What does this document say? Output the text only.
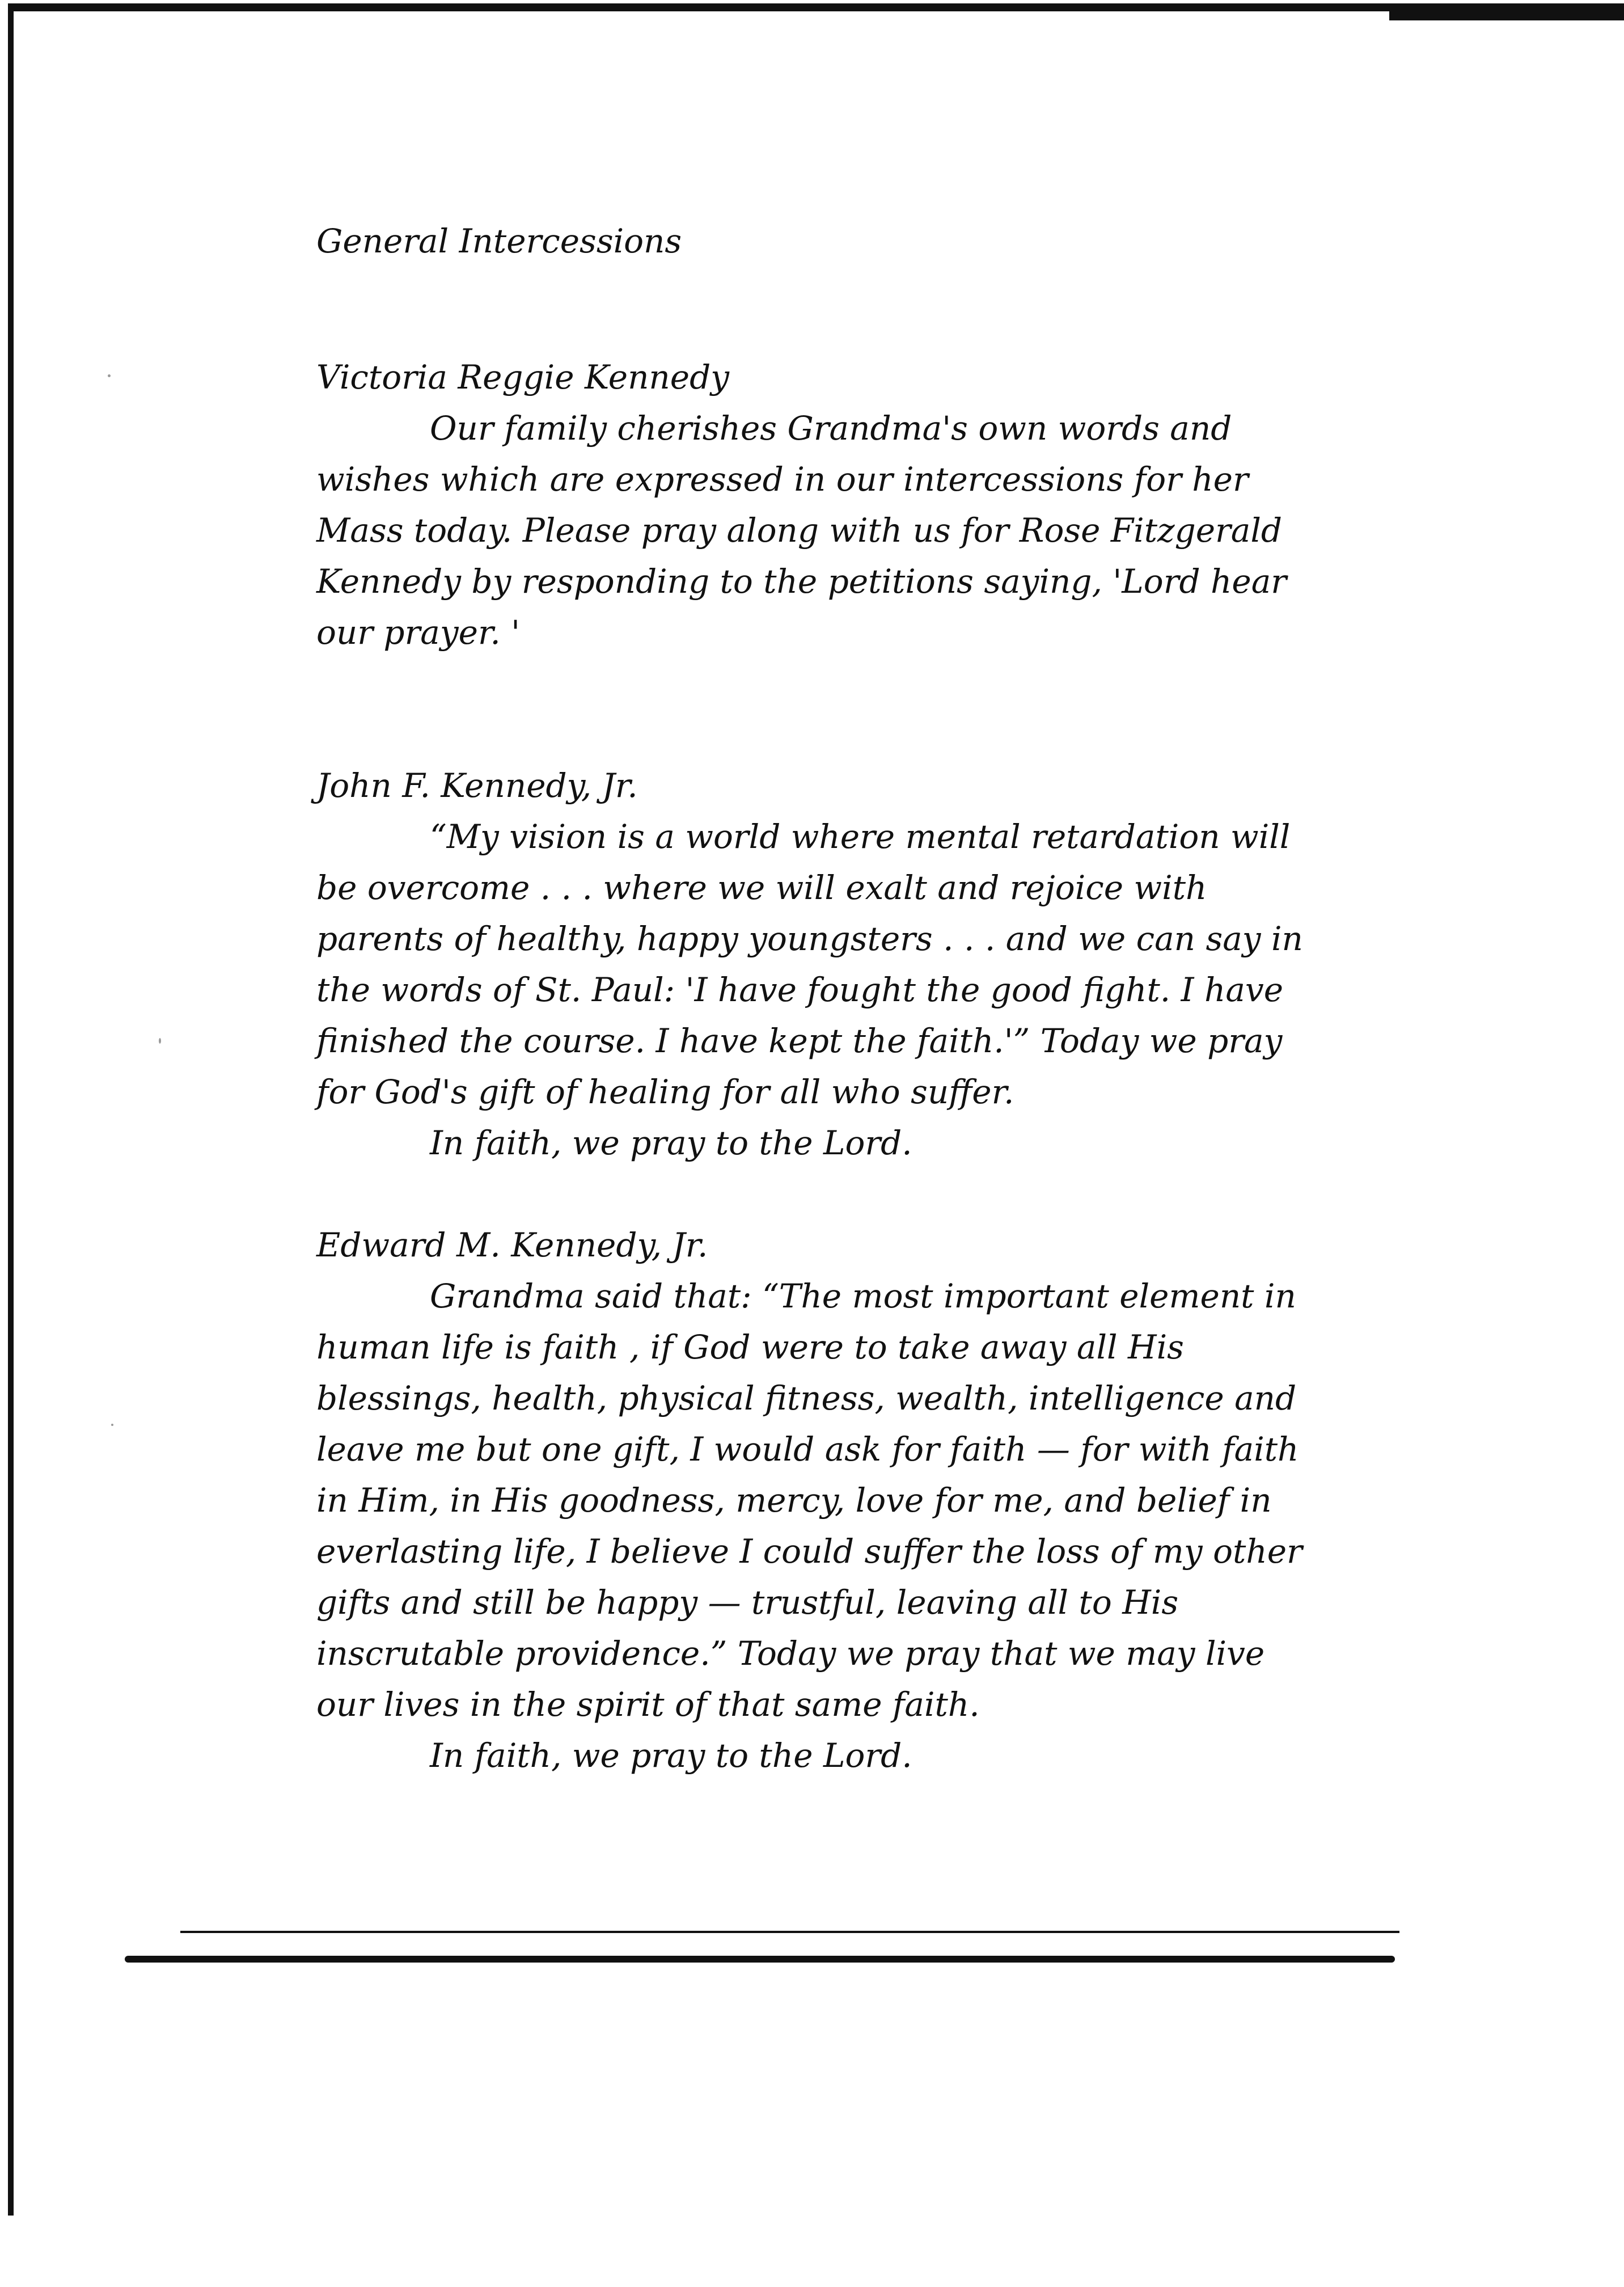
General Intercessions

Victoria Reggie Kennedy

Our family cherishes Grandma's own words and wishes which are expressed in our intercessions for her Mass today. Please pray along with us for Rose Fitzgerald Kennedy by responding to the petitions saying, 'Lord hear our prayer. '

John F. Kennedy, Jr.

“My vision is a world where mental retardation will be overcome . . . where we will exalt and rejoice with parents of healthy, happy youngsters . . . and we can say in the words of St. Paul: 'I have fought the good fight. I have finished the course. I have kept the faith.'” Today we pray for God's gift of healing for all who suffer.

In faith, we pray to the Lord.

Edward M. Kennedy, Jr.

Grandma said that: “The most important element in human life is faith , if God were to take away all His blessings, health, physical fitness, wealth, intelligence and leave me but one gift, I would ask for faith — for with faith in Him, in His goodness, mercy, love for me, and belief in everlasting life, I believe I could suffer the loss of my other gifts and still be happy — trustful, leaving all to His inscrutable providence.” Today we pray that we may live our lives in the spirit of that same faith.

In faith, we pray to the Lord.
